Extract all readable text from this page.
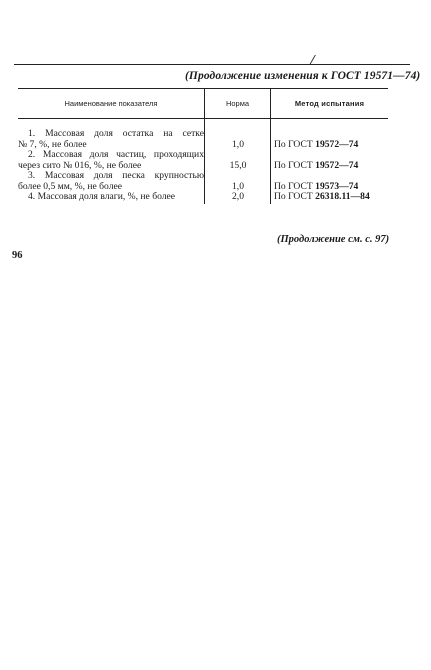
(Продолжение изменения к ГОСТ 19571—74)
Наименование показателя	Норма	Метод испытания
1. Массовая доля остатка на сетке
№ 7, %, не более	1,0	По ГОСТ 19572—74
2. Массовая доля частиц, проходящих
через сито № 016, %, не более	15,0	По ГОСТ 19572—74
3. Массовая доля песка крупностью
более 0,5 мм, %, не более	1,0	По ГОСТ 19573—74
4. Массовая доля влаги, %, не более	2,0	По ГОСТ 26318.11—84
(Продолжение см. с. 97)
96
